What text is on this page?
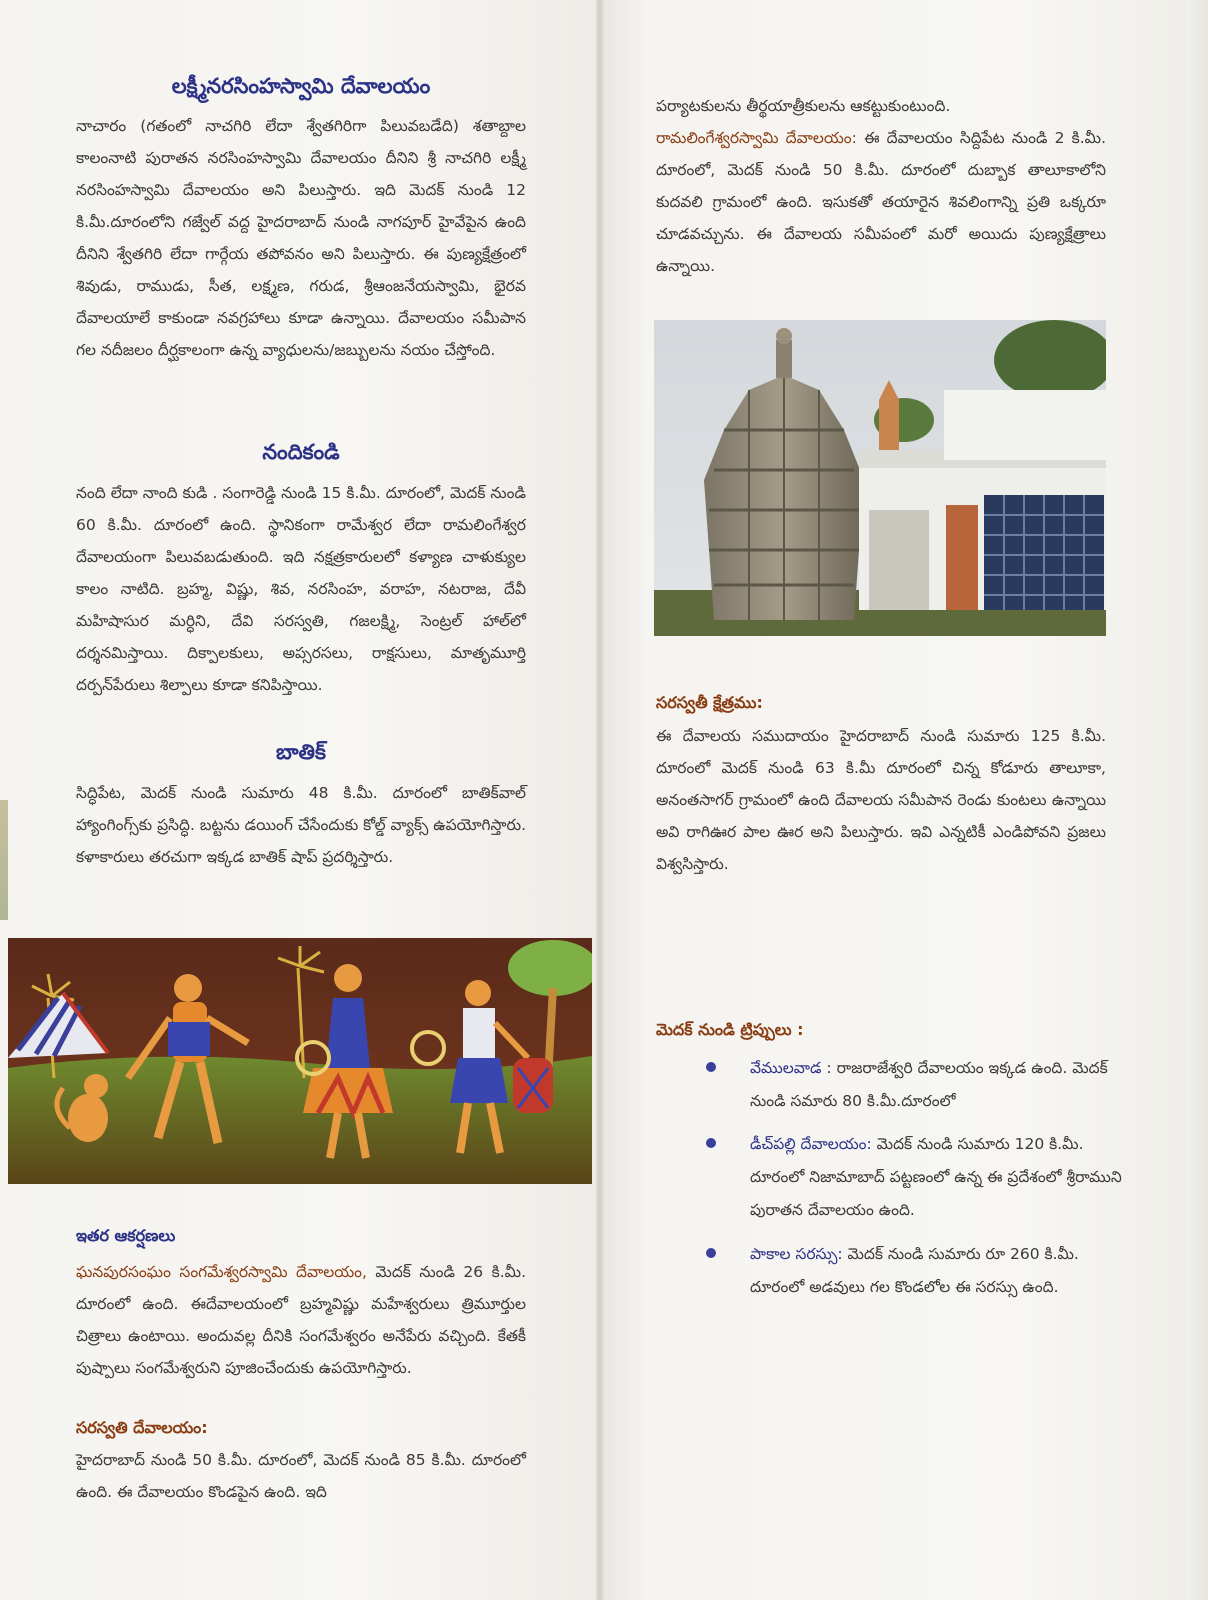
లక్ష్మీనరసింహస్వామి దేవాలయం

నాచారం (గతంలో నాచగిరి లేదా శ్వేతగిరిగా పిలువబడేది) శతాబ్దాల కాలంనాటి పురాతన నరసింహస్వామి దేవాలయం దీనిని శ్రీ నాచగిరి లక్ష్మీ నరసింహస్వామి దేవాలయం అని పిలుస్తారు. ఇది మెదక్ నుండి 12 కి.మీ.దూరంలోని గజ్వేల్ వద్ద హైదరాబాద్ నుండి నాగపూర్ హైవేపైన ఉంది దీనిని శ్వేతగిరి లేదా గార్గేయ తపోవనం అని పిలుస్తారు. ఈ పుణ్యక్షేత్రంలో శివుడు, రాముడు, సీత, లక్ష్మణ, గరుడ, శ్రీఆంజనేయస్వామి, భైరవ దేవాలయాలే కాకుండా నవగ్రహాలు కూడా ఉన్నాయి. దేవాలయం సమీపాన గల నదీజలం దీర్ఘకాలంగా ఉన్న వ్యాధులను/జబ్బులను నయం చేస్తోంది.

నందికండి

నంది లేదా నాంది కుడి . సంగారెడ్డి నుండి 15 కి.మీ. దూరంలో, మెదక్ నుండి 60 కి.మీ. దూరంలో ఉంది. స్థానికంగా రామేశ్వర లేదా రామలింగేశ్వర దేవాలయంగా పిలువబడుతుంది. ఇది నక్షత్రకారులలో కళ్యాణ చాళుక్యుల కాలం నాటిది. బ్రహ్మ, విష్ణు, శివ, నరసింహ, వరాహ, నటరాజ, దేవీ మహిషాసుర మర్ధిని, దేవి సరస్వతి, గజలక్ష్మి, సెంట్రల్ హాల్‌లో దర్శనమిస్తాయి. దిక్పాలకులు, అప్సరసలు, రాక్షసులు, మాతృమూర్తి దర్పన్‌పేరులు శిల్పాలు కూడా కనిపిస్తాయి.

బాతిక్

సిద్ధిపేట, మెదక్ నుండి సుమారు 48 కి.మీ. దూరంలో బాతిక్‌వాల్ హ్యాంగింగ్స్‌కు ప్రసిద్ధి. బట్టను డయింగ్ చేసేందుకు కోల్డ్ వ్యాక్స్ ఉపయోగిస్తారు. కళాకారులు తరచుగా ఇక్కడ బాతిక్ షాప్ ప్రదర్శిస్తారు.

ఇతర ఆకర్షణలు

ఘనపురసంఘం సంగమేశ్వరస్వామి దేవాలయం, మెదక్ నుండి 26 కి.మీ. దూరంలో ఉంది. ఈదేవాలయంలో బ్రహ్మవిష్ణు మహేశ్వరులు త్రిమూర్తుల చిత్రాలు ఉంటాయి. అందువల్ల దీనికి సంగమేశ్వరం అనేపేరు వచ్చింది. కేతకీ పుష్పాలు సంగమేశ్వరుని పూజించేందుకు ఉపయోగిస్తారు.

సరస్వతి దేవాలయం:

హైదరాబాద్ నుండి 50 కి.మీ. దూరంలో, మెదక్ నుండి 85 కి.మీ. దూరంలో ఉంది. ఈ దేవాలయం కొండపైన ఉంది. ఇది

పర్యాటకులను తీర్థయాత్రీకులను ఆకట్టుకుంటుంది.

రామలింగేశ్వరస్వామి దేవాలయం: ఈ దేవాలయం సిద్దిపేట నుండి 2 కి.మీ. దూరంలో, మెదక్ నుండి 50 కి.మీ. దూరంలో దుబ్బాక తాలూకాలోని కుదవలి గ్రామంలో ఉంది. ఇసుకతో తయారైన శివలింగాన్ని ప్రతి ఒక్కరూ చూడవచ్చును. ఈ దేవాలయ సమీపంలో మరో అయిదు పుణ్యక్షేత్రాలు ఉన్నాయి.

సరస్వతీ క్షేత్రము:

ఈ దేవాలయ సముదాయం హైదరాబాద్ నుండి సుమారు 125 కి.మీ. దూరంలో మెదక్ నుండి 63 కి.మీ దూరంలో చిన్న కోడూరు తాలూకా, అనంతసాగర్ గ్రామంలో ఉంది దేవాలయ సమీపాన రెండు కుంటలు ఉన్నాయి అవి రాగిఊర పాల ఊర అని పిలుస్తారు. ఇవి ఎన్నటికీ ఎండిపోవని ప్రజలు విశ్వసిస్తారు.

మెదక్ నుండి ట్రిప్పులు :

వేములవాడ : రాజరాజేశ్వరి దేవాలయం ఇక్కడ ఉంది. మెదక్ నుండి సమారు 80 కి.మీ.దూరంలో

డీచ్‌పల్లి దేవాలయం: మెదక్ నుండి సుమారు 120 కి.మీ. దూరంలో నిజామాబాద్ పట్టణంలో ఉన్న ఈ ప్రదేశంలో శ్రీరాముని పురాతన దేవాలయం ఉంది.

పాకాల సరస్సు: మెదక్ నుండి సుమారు రూ 260 కి.మీ. దూరంలో అడవులు గల కొండలోల ఈ సరస్సు ఉంది.
